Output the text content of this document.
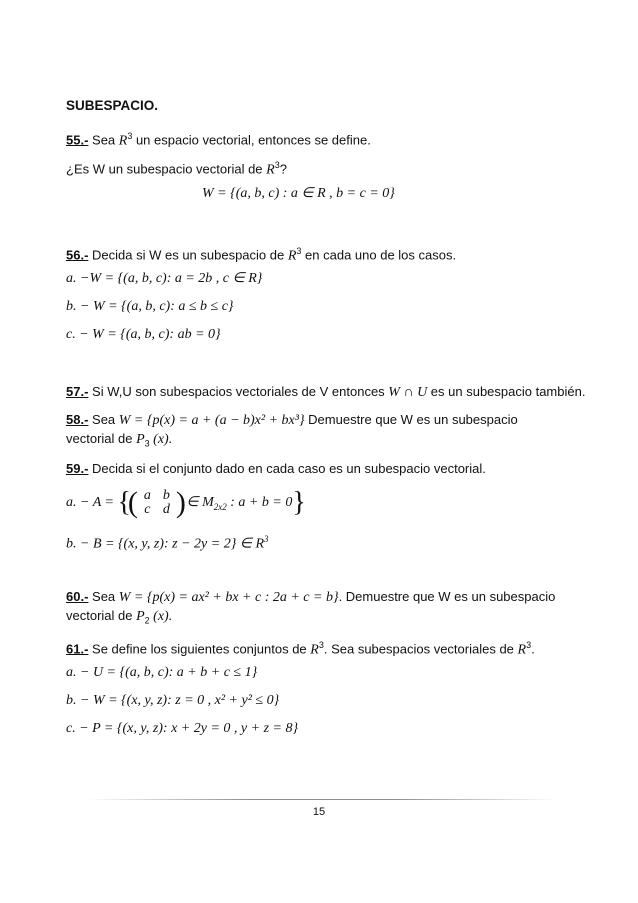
SUBESPACIO.
55.- Sea $R^3$ un espacio vectorial, entonces se define.
¿Es W un subespacio vectorial de $R^3$?
W = {(a, b, c) : a ∈ R , b = c = 0}
56.- Decida si W es un subespacio de $R^3$ en cada uno de los casos.
a. −W = {(a, b, c): a = 2b , c ∈ R}
b. − W = {(a, b, c): a ≤ b ≤ c}
c. − W = {(a, b, c): ab = 0}
57.- Si W,U son subespacios vectoriales de V entonces W ∩ U es un subespacio también.
58.- Sea W = {p(x) = a + (a − b)x² + bx³} Demuestre que W es un subespacio
vectorial de $P_3$ (x).
59.- Decida si el conjunto dado en cada caso es un subespacio vectorial.
a. − A = {
( a	b
c	d ) ∈ $M_{2x2}$ : a + b = 0}
b. − B = {(x, y, z): z − 2y = 2} ∈ $R^3$
60.- Sea W = {p(x) = ax² + bx + c : 2a + c = b}. Demuestre que W es un subespacio
vectorial de $P_2$ (x).
61.- Se define los siguientes conjuntos de $R^3$. Sea subespacios vectoriales de $R^3$.
a. − U = {(a, b, c): a + b + c ≤ 1}
b. − W = {(x, y, z): z = 0 , x² + y² ≤ 0}
c. − P = {(x, y, z): x + 2y = 0 , y + z = 8}
15
